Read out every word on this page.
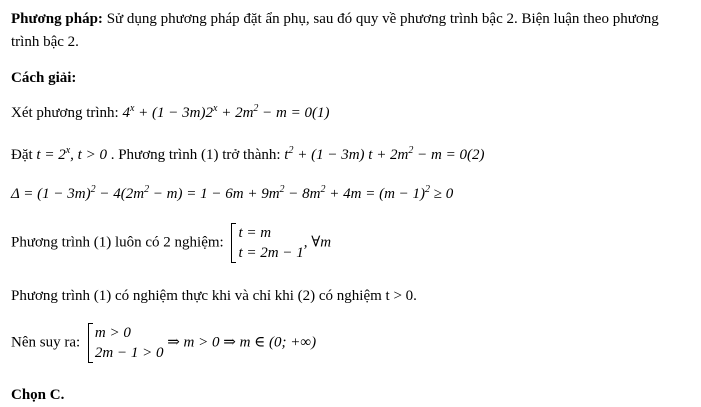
Phương pháp: Sử dụng phương pháp đặt ẩn phụ, sau đó quy về phương trình bậc 2. Biện luận theo phương
trình bậc 2.
Cách giải:
Xét phương trình: $4^x + (1 - 3m)2^x + 2m^2 - m = 0(1)$
Đặt $t = 2^x$, t > 0 . Phương trình (1) trở thành: $t^2 + (1 - 3m) t + 2m^2 - m = 0(2)$
$\Delta = (1 - 3m)^2 - 4(2m^2 - m) = 1 - 6m + 9m^2 - 8m^2 + 4m = (m - 1)^2 \ge 0$
Phương trình (1) luôn có 2 nghiệm:
t = m
t = 2m − 1
, ∀m
Phương trình (1) có nghiệm thực khi và chỉ khi (2) có nghiệm t > 0.
Nên suy ra:
m > 0
2m − 1 > 0
⇒ m > 0 ⇒ m ∈ (0; +∞)
Chọn C.
